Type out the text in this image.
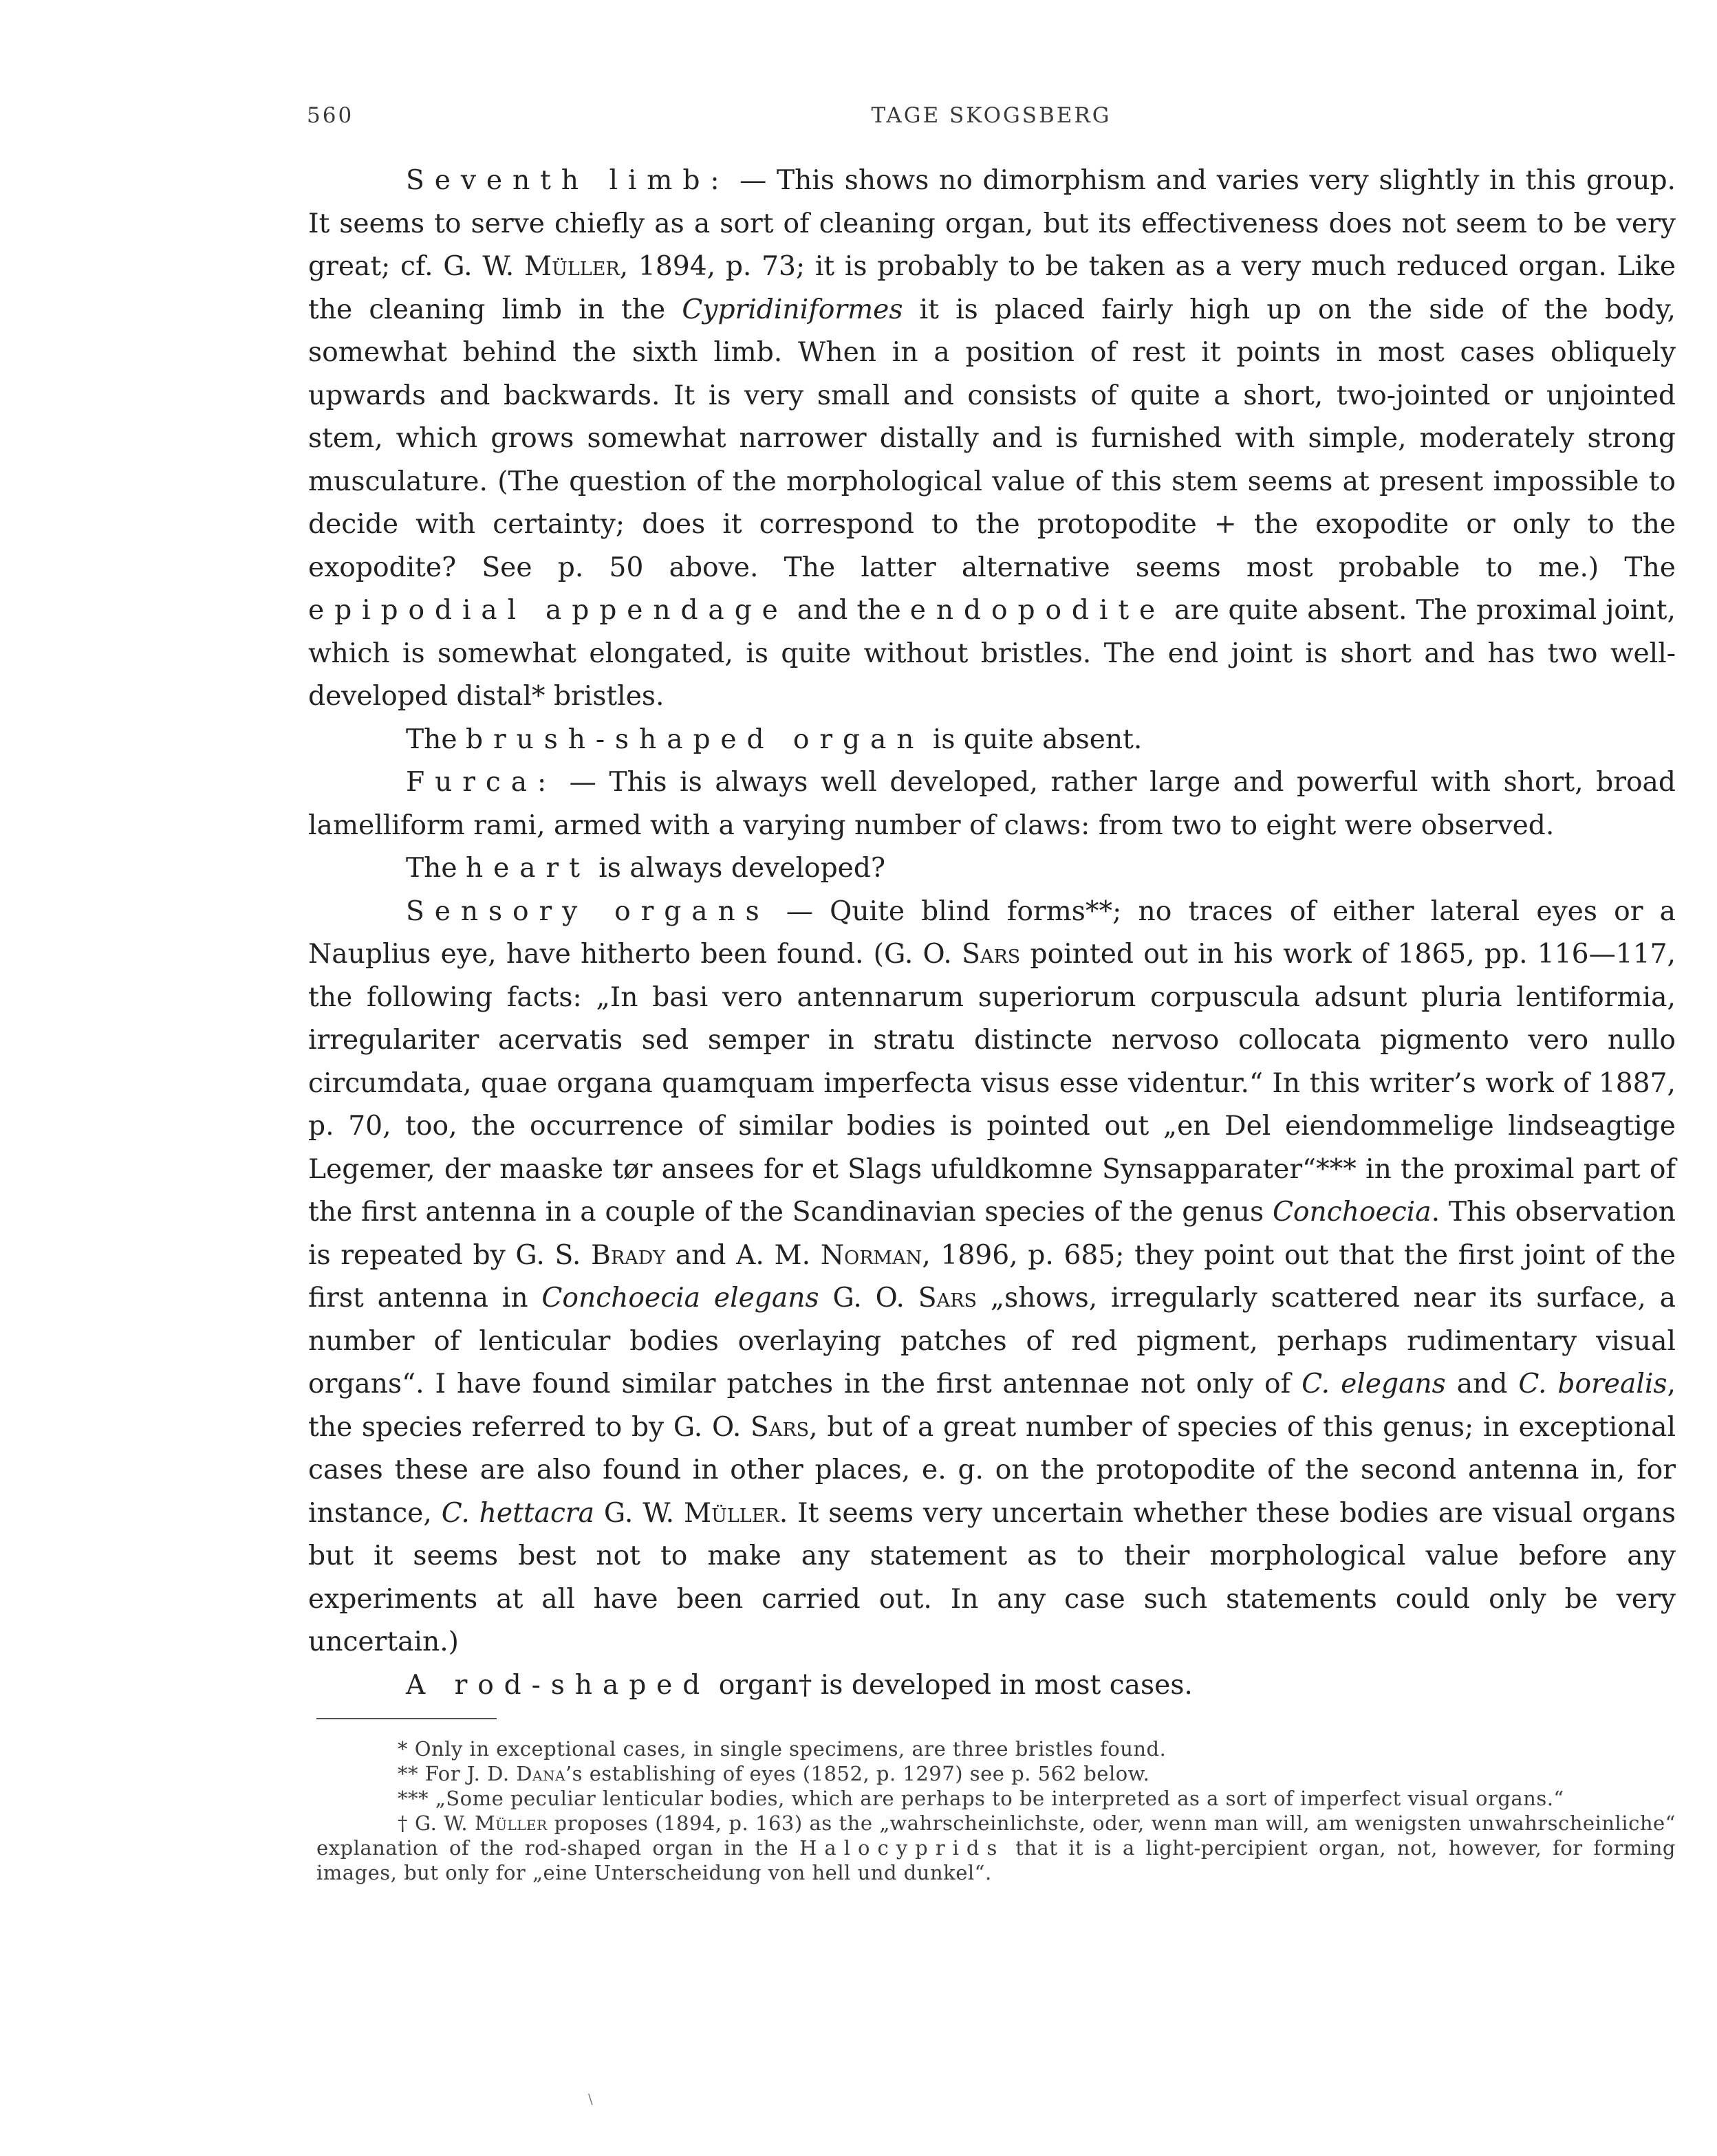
560	TAGE SKOGSBERG

Seventh limb: — This shows no dimorphism and varies very slightly in this group. It seems to serve chiefly as a sort of cleaning organ, but its effectiveness does not seem to be very great; cf. G. W. Müller, 1894, p. 73; it is probably to be taken as a very much reduced organ. Like the cleaning limb in the Cypridiniformes it is placed fairly high up on the side of the body, somewhat behind the sixth limb. When in a position of rest it points in most cases obliquely upwards and backwards. It is very small and consists of quite a short, two-jointed or unjointed stem, which grows somewhat narrower distally and is furnished with simple, moderately strong musculature. (The question of the morphological value of this stem seems at present impossible to decide with certainty; does it correspond to the protopodite + the exopodite or only to the exopodite? See p. 50 above. The latter alternative seems most probable to me.) The epipodial appendage and the endopodite are quite absent. The proximal joint, which is somewhat elongated, is quite without bristles. The end joint is short and has two well-developed distal* bristles.

The brush-shaped organ is quite absent.

Furca: — This is always well developed, rather large and powerful with short, broad lamelliform rami, armed with a varying number of claws: from two to eight were observed.

The heart is always developed?

Sensory organs — Quite blind forms**; no traces of either lateral eyes or a Nauplius eye, have hitherto been found. (G. O. Sars pointed out in his work of 1865, pp. 116—117, the following facts: „In basi vero antennarum superiorum corpuscula adsunt pluria lentiformia, irregulariter acervatis sed semper in stratu distincte nervoso collocata pigmento vero nullo circumdata, quae organa quamquam imperfecta visus esse videntur.“ In this writer’s work of 1887, p. 70, too, the occurrence of similar bodies is pointed out „en Del eiendommelige lindseagtige Legemer, der maaske tør ansees for et Slags ufuldkomne Synsapparater“*** in the proximal part of the first antenna in a couple of the Scandinavian species of the genus Conchoecia. This observation is repeated by G. S. Brady and A. M. Norman, 1896, p. 685; they point out that the first joint of the first antenna in Conchoecia elegans G. O. Sars „shows, irregularly scattered near its surface, a number of lenticular bodies overlaying patches of red pigment, perhaps rudimentary visual organs“. I have found similar patches in the first antennae not only of C. elegans and C. borealis, the species referred to by G. O. Sars, but of a great number of species of this genus; in exceptional cases these are also found in other places, e. g. on the protopodite of the second antenna in, for instance, C. hettacra G. W. Müller. It seems very uncertain whether these bodies are visual organs but it seems best not to make any statement as to their morphological value before any experiments at all have been carried out. In any case such statements could only be very uncertain.)

A rod-shaped organ† is developed in most cases.

* Only in exceptional cases, in single specimens, are three bristles found.

** For J. D. Dana’s establishing of eyes (1852, p. 1297) see p. 562 below.

*** „Some peculiar lenticular bodies, which are perhaps to be interpreted as a sort of imperfect visual organs.“

† G. W. Müller proposes (1894, p. 163) as the „wahrscheinlichste, oder, wenn man will, am wenigsten unwahrscheinliche“ explanation of the rod-shaped organ in the Halocyprids that it is a light-percipient organ, not, however, for forming images, but only for „eine Unterscheidung von hell und dunkel“.

\
